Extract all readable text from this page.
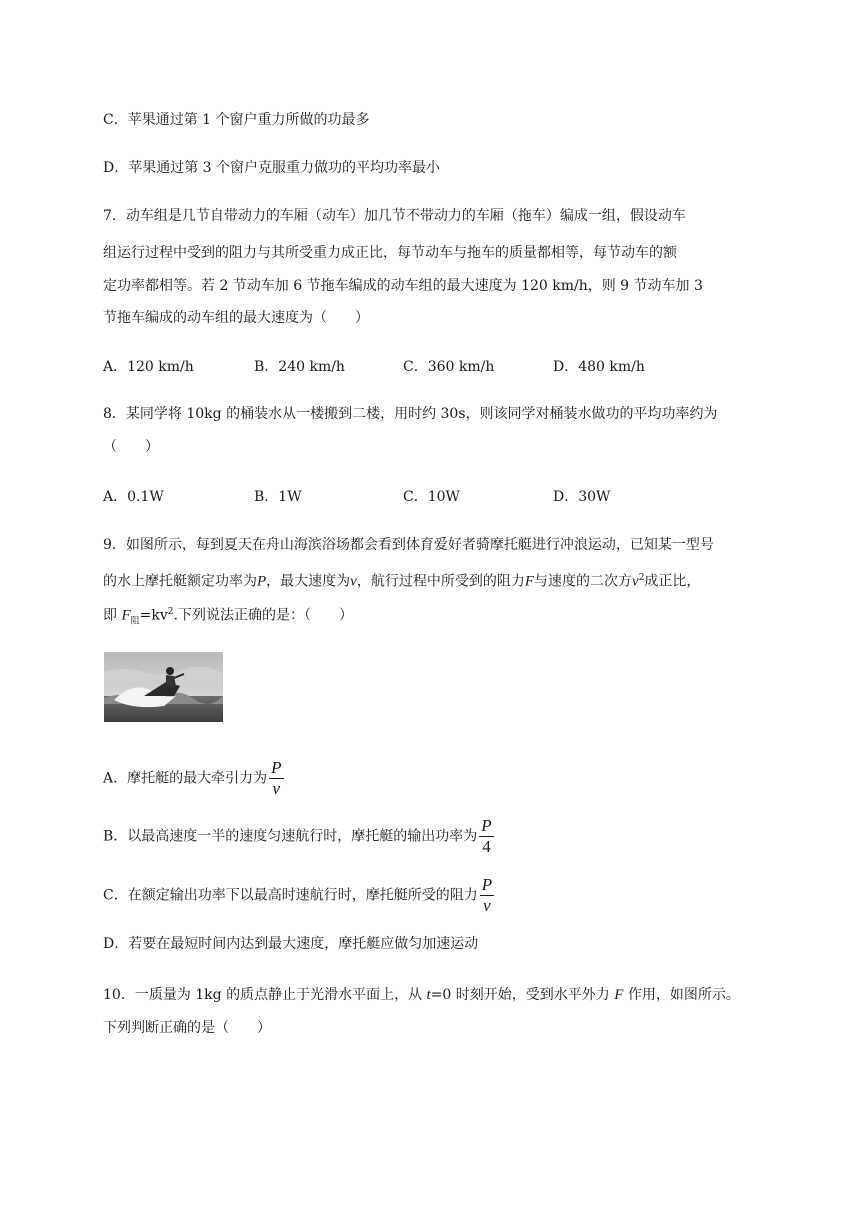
C．苹果通过第 1 个窗户重力所做的功最多
D．苹果通过第 3 个窗户克服重力做功的平均功率最小
7．动车组是几节自带动力的车厢（动车）加几节不带动力的车厢（拖车）编成一组，假设动车
组运行过程中受到的阻力与其所受重力成正比，每节动车与拖车的质量都相等，每节动车的额
定功率都相等。若 2 节动车加 6 节拖车编成的动车组的最大速度为 120 km/h，则 9 节动车加 3
节拖车编成的动车组的最大速度为（　　）
A．120 km/h	B．240 km/h	C．360 km/h	D．480 km/h
8．某同学将 10kg 的桶装水从一楼搬到二楼，用时约 30s，则该同学对桶装水做功的平均功率约为
（　　）
A．0.1W	B．1W	C．10W	D．30W
9．如图所示，每到夏天在舟山海滨浴场都会看到体育爱好者骑摩托艇进行冲浪运动，已知某一型号
的水上摩托艇额定功率为P，最大速度为v，航行过程中所受到的阻力F与速度的二次方$v^2$成正比，
即 $F_阻=kv^2$.下列说法正确的是：（　　）
A．摩托艇的最大牵引力为 $\frac{P}{v}$
B．以最高速度一半的速度匀速航行时，摩托艇的输出功率为 $\frac{P}{4}$
C．在额定输出功率下以最高时速航行时，摩托艇所受的阻力 $\frac{P}{v}$
D．若要在最短时间内达到最大速度，摩托艇应做匀加速运动
10．一质量为 1kg 的质点静止于光滑水平面上，从 t=0 时刻开始，受到水平外力 F 作用，如图所示。
下列判断正确的是（　　）
